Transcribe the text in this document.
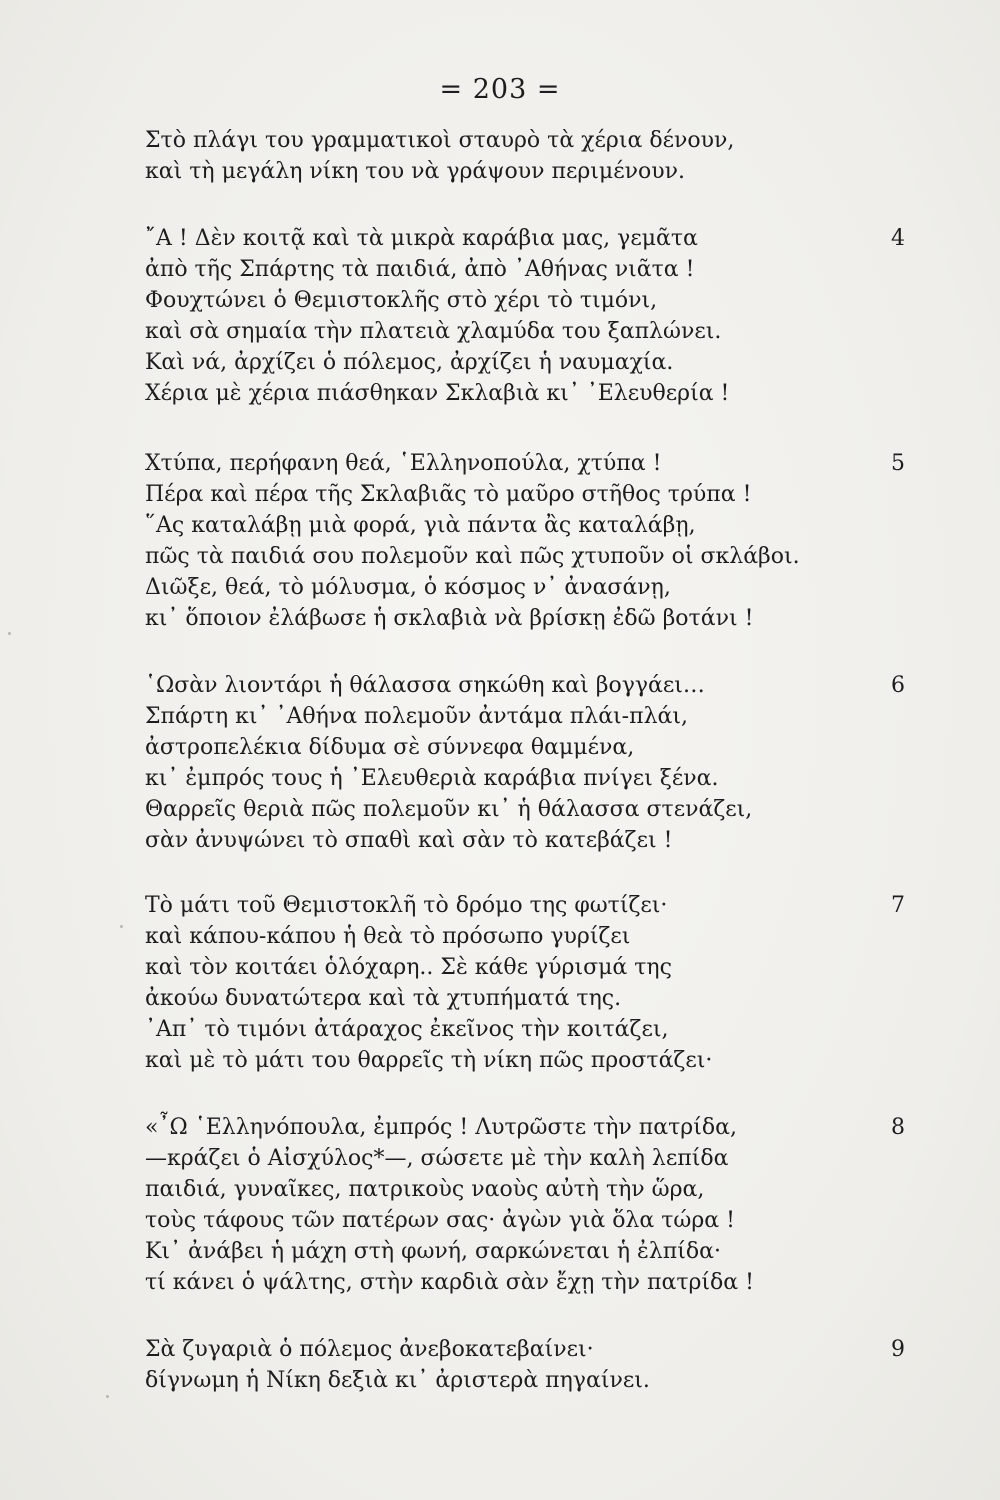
= 203 =
Στὸ πλάγι του γραμματικοὶ σταυρὸ τὰ χέρια δένουν,
καὶ τὴ μεγάλη νίκη του νὰ γράψουν περιμένουν.
4
῎Α ! Δὲν κοιτᾷ καὶ τὰ μικρὰ καράβια μας, γεμᾶτα
ἀπὸ τῆς Σπάρτης τὰ παιδιά, ἀπὸ ᾽Αθήνας νιᾶτα !
Φουχτώνει ὁ Θεμιστοκλῆς στὸ χέρι τὸ τιμόνι,
καὶ σὰ σημαία τὴν πλατειὰ χλαμύδα του ξαπλώνει.
Καὶ νά, ἀρχίζει ὁ πόλεμος, ἀρχίζει ἡ ναυμαχία.
Χέρια μὲ χέρια πιάσθηκαν Σκλαβιὰ κι᾽ ᾽Ελευθερία !
5
Χτύπα, περήφανη θεά, ῾Ελληνοπούλα, χτύπα !
Πέρα καὶ πέρα τῆς Σκλαβιᾶς τὸ μαῦρο στῆθος τρύπα !
῞Ας καταλάβῃ μιὰ φορά, γιὰ πάντα ἂς καταλάβῃ,
πῶς τὰ παιδιά σου πολεμοῦν καὶ πῶς χτυποῦν οἱ σκλάβοι.
Διῶξε, θεά, τὸ μόλυσμα, ὁ κόσμος ν᾽ ἀνασάνῃ,
κι᾽ ὅποιον ἐλάβωσε ἡ σκλαβιὰ νὰ βρίσκῃ ἐδῶ βοτάνι !
6
῾Ωσὰν λιοντάρι ἡ θάλασσα σηκώθη καὶ βογγάει…
Σπάρτη κι᾽ ᾽Αθήνα πολεμοῦν ἀντάμα πλάι-πλάι,
ἀστροπελέκια δίδυμα σὲ σύννεφα θαμμένα,
κι᾽ ἐμπρός τους ἡ ᾽Ελευθεριὰ καράβια πνίγει ξένα.
Θαρρεῖς θεριὰ πῶς πολεμοῦν κι᾽ ἡ θάλασσα στενάζει,
σὰν ἀνυψώνει τὸ σπαθὶ καὶ σὰν τὸ κατεβάζει !
7
Τὸ μάτι τοῦ Θεμιστοκλῆ τὸ δρόμο της φωτίζει·
καὶ κάπου-κάπου ἡ θεὰ τὸ πρόσωπο γυρίζει
καὶ τὸν κοιτάει ὁλόχαρη.. Σὲ κάθε γύρισμά της
ἀκούω δυνατώτερα καὶ τὰ χτυπήματά της.
᾽Απ᾽ τὸ τιμόνι ἀτάραχος ἐκεῖνος τὴν κοιτάζει,
καὶ μὲ τὸ μάτι του θαρρεῖς τὴ νίκη πῶς προστάζει·
8
«῏Ω ῾Ελληνόπουλα, ἐμπρός ! Λυτρῶστε τὴν πατρίδα,
—κράζει ὁ Αἰσχύλος*—, σώσετε μὲ τὴν καλὴ λεπίδα
παιδιά, γυναῖκες, πατρικοὺς ναοὺς αὐτὴ τὴν ὥρα,
τοὺς τάφους τῶν πατέρων σας· ἀγὼν γιὰ ὅλα τώρα !
Κι᾽ ἀνάβει ἡ μάχη στὴ φωνή, σαρκώνεται ἡ ἐλπίδα·
τί κάνει ὁ ψάλτης, στὴν καρδιὰ σὰν ἔχῃ τὴν πατρίδα !
9
Σὰ ζυγαριὰ ὁ πόλεμος ἀνεβοκατεβαίνει·
δίγνωμη ἡ Νίκη δεξιὰ κι᾽ ἀριστερὰ πηγαίνει.
